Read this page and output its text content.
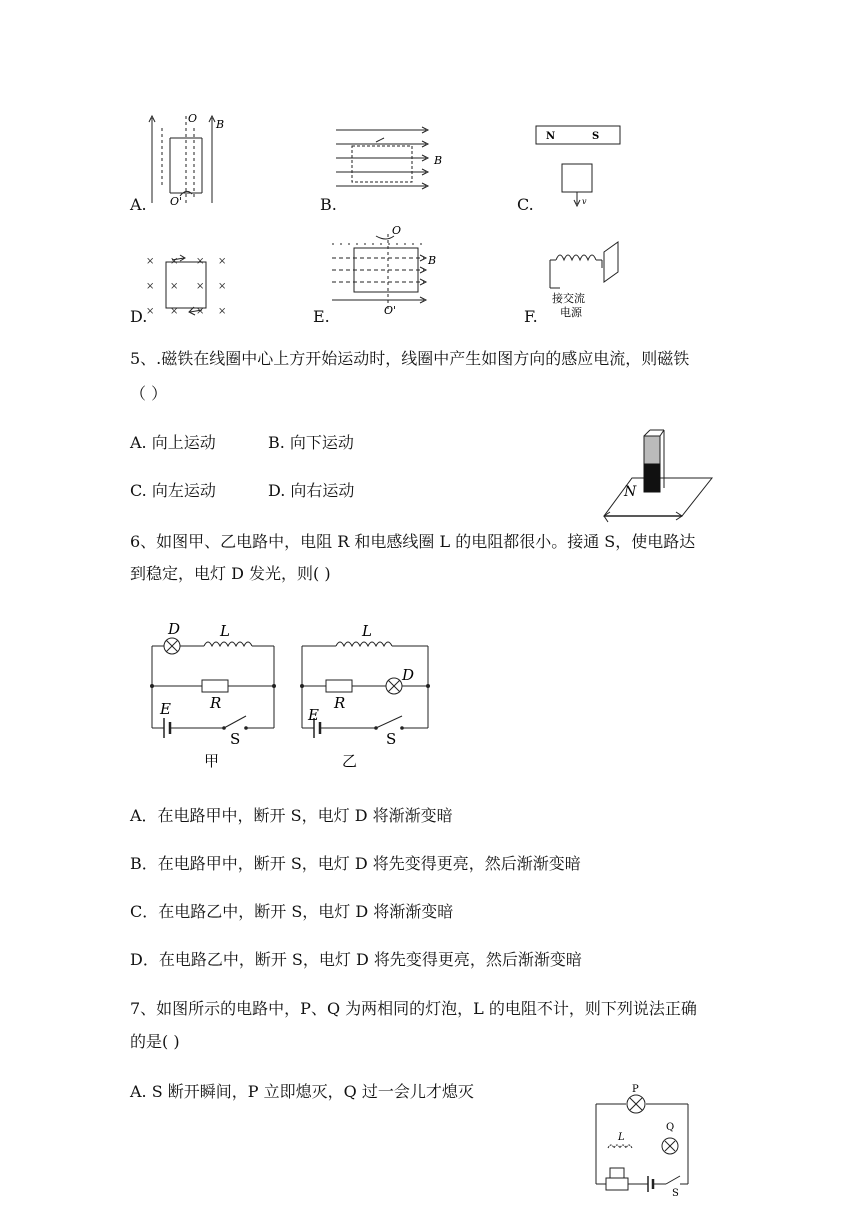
O B
O'
A.
B
B.
N	S
v
C.
× × × ×
× × × ×
× × × ×
D.
O
B
O'
E.
接交流
电源
F.
5、.磁铁在线圈中心上方开始运动时，线圈中产生如图方向的感应电流，则磁铁
（ ）
A. 向上运动	B. 向下运动
C. 向左运动	D. 向右运动	N
6、如图甲、乙电路中，电阻 R 和电感线圈 L 的电阻都很小。接通 S，使电路达
到稳定，电灯 D 发光，则( )
D	L
R
E
S
甲
L
D
R
E
S
乙
A．在电路甲中，断开 S，电灯 D 将渐渐变暗
B．在电路甲中，断开 S，电灯 D 将先变得更亮，然后渐渐变暗
C．在电路乙中，断开 S，电灯 D 将渐渐变暗
D．在电路乙中，断开 S，电灯 D 将先变得更亮，然后渐渐变暗
7、如图所示的电路中，P、Q 为两相同的灯泡，L 的电阻不计，则下列说法正确
的是( )
A. S 断开瞬间，P 立即熄灭，Q 过一会儿才熄灭	P
Q
L
S
